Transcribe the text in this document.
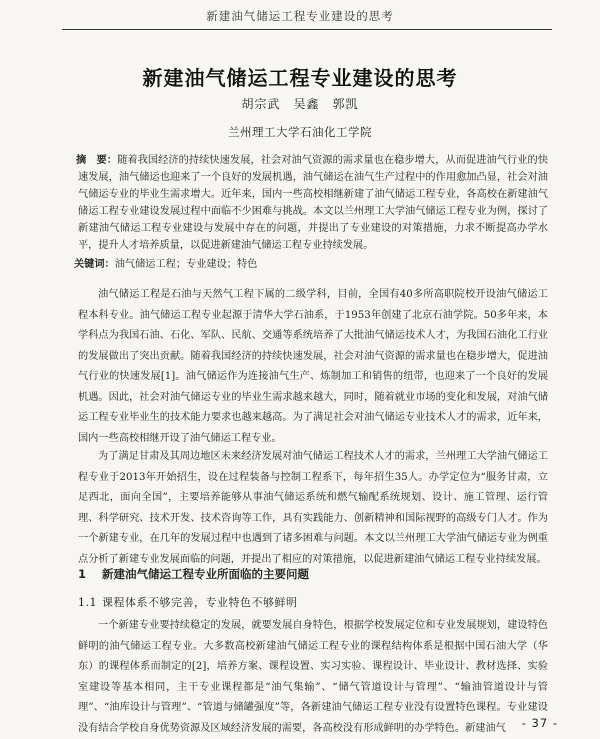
新建油气储运工程专业建设的思考
新建油气储运工程专业建设的思考
胡宗武　吴鑫　郭凯
兰州理工大学石油化工学院
摘　要：随着我国经济的持续快速发展，社会对油气资源的需求量也在稳步增大，从而促进油气行业的快速发展，油气储运也迎来了一个良好的发展机遇，油气储运在油气生产过程中的作用愈加凸显，社会对油气储运专业的毕业生需求增大。近年来，国内一些高校相继新建了油气储运工程专业，各高校在新建油气储运工程专业建设发展过程中面临不少困难与挑战。本文以兰州理工大学油气储运工程专业为例，探讨了新建油气储运工程专业建设与发展中存在的问题，并提出了专业建设的对策措施，力求不断提高办学水平，提升人才培养质量，以促进新建油气储运工程专业持续发展。
关键词：油气储运工程；专业建设；特色
油气储运工程是石油与天然气工程下属的二级学科，目前，全国有40多所高职院校开设油气储运工程本科专业。油气储运工程专业起源于清华大学石油系，于1953年创建了北京石油学院。50多年来，本学科点为我国石油、石化、军队、民航、交通等系统培养了大批油气储运技术人才，为我国石油化工行业的发展做出了突出贡献。随着我国经济的持续快速发展，社会对油气资源的需求量也在稳步增大，促进油气行业的快速发展[1]。油气储运作为连接油气生产、炼制加工和销售的纽带，也迎来了一个良好的发展机遇。因此，社会对油气储运专业的毕业生需求越来越大，同时，随着就业市场的变化和发展，对油气储运工程专业毕业生的技术能力要求也越来越高。为了满足社会对油气储运专业技术人才的需求，近年来，国内一些高校相继开设了油气储运工程专业。
为了满足甘肃及其周边地区未来经济发展对油气储运工程技术人才的需求，兰州理工大学油气储运工程专业于2013年开始招生，设在过程装备与控制工程系下，每年招生35人。办学定位为“服务甘肃，立足西北，面向全国”，主要培养能够从事油气储运系统和燃气输配系统规划、设计、施工管理、运行管理、科学研究、技术开发、技术咨询等工作，具有实践能力、创新精神和国际视野的高级专门人才。作为一个新建专业，在几年的发展过程中也遇到了诸多困难与问题。本文以兰州理工大学油气储运专业为例重点分析了新建专业发展面临的问题，并提出了相应的对策措施，以促进新建油气储运工程专业持续发展。
1 新建油气储运工程专业所面临的主要问题
1.1 课程体系不够完善，专业特色不够鲜明
一个新建专业要持续稳定的发展，就要发展自身特色，根据学校发展定位和专业发展规划，建设特色鲜明的油气储运工程专业。大多数高校新建油气储运工程专业的课程结构体系是根据中国石油大学（华东）的课程体系而制定的[2]，培养方案、课程设置、实习实验、课程设计、毕业设计、教材选择、实验室建设等基本相同，主干专业课程都是“油气集输”、“储气管道设计与管理”、“输油管道设计与管理”、“油库设计与管理”、“管道与储罐强度”等，各新建油气储运工程专业没有设置特色课程。专业建设没有结合学校自身优势资源及区域经济发展的需要，各高校没有形成鲜明的办学特色。新建油气	- 37 -
